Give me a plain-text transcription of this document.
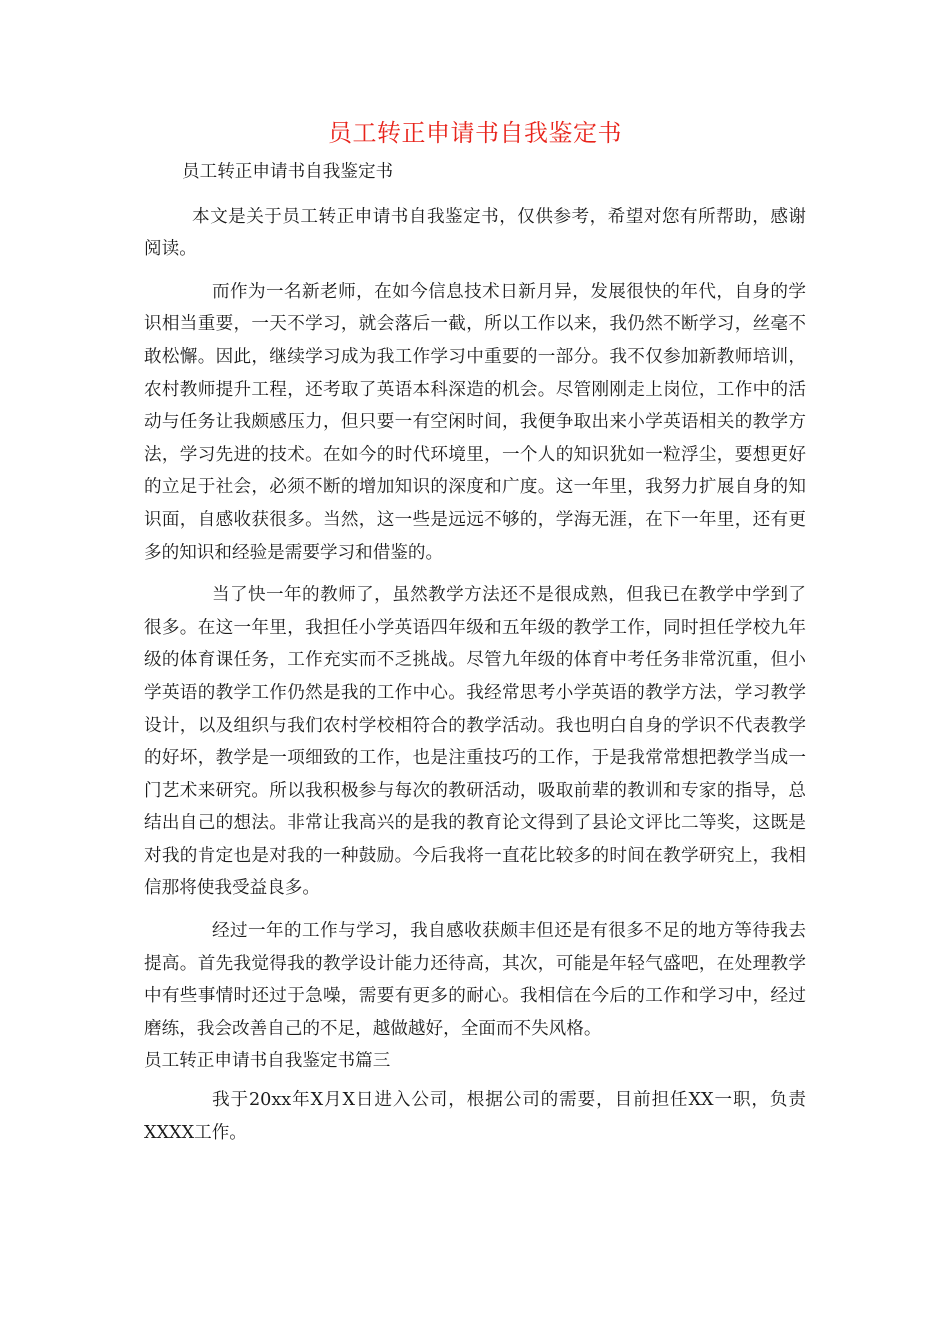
员工转正申请书自我鉴定书

员工转正申请书自我鉴定书

本文是关于员工转正申请书自我鉴定书，仅供参考，希望对您有所帮助，感谢阅读。

而作为一名新老师，在如今信息技术日新月异，发展很快的年代，自身的学识相当重要，一天不学习，就会落后一截，所以工作以来，我仍然不断学习，丝毫不敢松懈。因此，继续学习成为我工作学习中重要的一部分。我不仅参加新教师培训，农村教师提升工程，还考取了英语本科深造的机会。尽管刚刚走上岗位，工作中的活动与任务让我颇感压力，但只要一有空闲时间，我便争取出来小学英语相关的教学方法，学习先进的技术。在如今的时代环境里，一个人的知识犹如一粒浮尘，要想更好的立足于社会，必须不断的增加知识的深度和广度。这一年里，我努力扩展自身的知识面，自感收获很多。当然，这一些是远远不够的，学海无涯，在下一年里，还有更多的知识和经验是需要学习和借鉴的。

当了快一年的教师了，虽然教学方法还不是很成熟，但我已在教学中学到了很多。在这一年里，我担任小学英语四年级和五年级的教学工作，同时担任学校九年级的体育课任务，工作充实而不乏挑战。尽管九年级的体育中考任务非常沉重，但小学英语的教学工作仍然是我的工作中心。我经常思考小学英语的教学方法，学习教学设计，以及组织与我们农村学校相符合的教学活动。我也明白自身的学识不代表教学的好坏，教学是一项细致的工作，也是注重技巧的工作，于是我常常想把教学当成一门艺术来研究。所以我积极参与每次的教研活动，吸取前辈的教训和专家的指导，总结出自己的想法。非常让我高兴的是我的教育论文得到了县论文评比二等奖，这既是对我的肯定也是对我的一种鼓励。今后我将一直花比较多的时间在教学研究上，我相信那将使我受益良多。

经过一年的工作与学习，我自感收获颇丰但还是有很多不足的地方等待我去提高。首先我觉得我的教学设计能力还待高，其次，可能是年轻气盛吧，在处理教学中有些事情时还过于急噪，需要有更多的耐心。我相信在今后的工作和学习中，经过磨练，我会改善自己的不足，越做越好，全面而不失风格。

员工转正申请书自我鉴定书篇三

我于20xx年X月X日进入公司，根据公司的需要，目前担任XX一职，负责XXXX工作。
